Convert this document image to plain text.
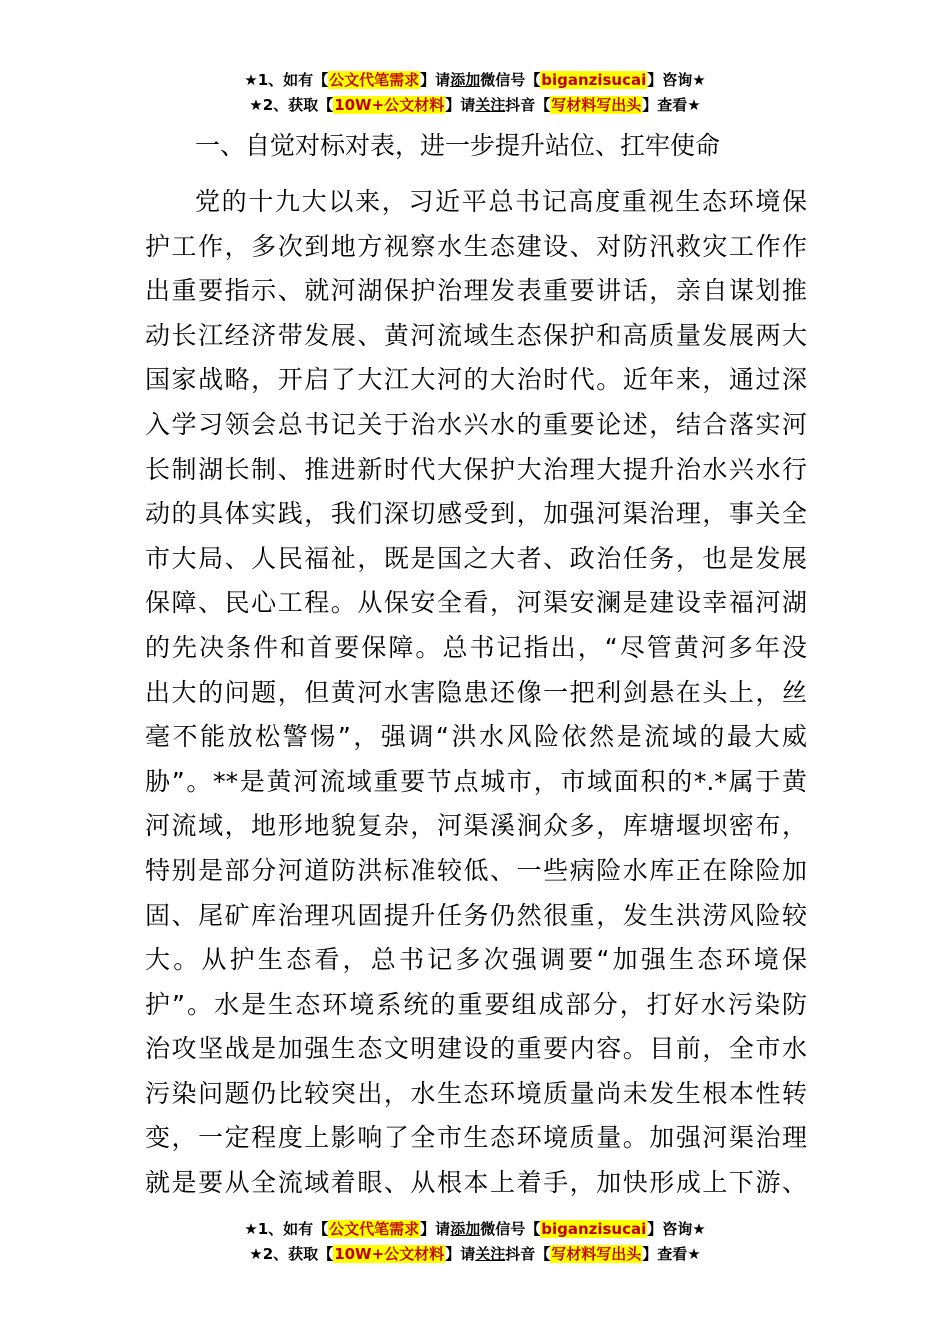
★1、如有【公文代笔需求】请添加微信号【biganzisucai】咨询★
★2、获取【10W+公文材料】请关注抖音【写材料写出头】查看★
一、自觉对标对表，进一步提升站位、扛牢使命
党的十九大以来，习近平总书记高度重视生态环境保
护工作，多次到地方视察水生态建设、对防汛救灾工作作
出重要指示、就河湖保护治理发表重要讲话，亲自谋划推
动长江经济带发展、黄河流域生态保护和高质量发展两大
国家战略，开启了大江大河的大治时代。近年来，通过深
入学习领会总书记关于治水兴水的重要论述，结合落实河
长制湖长制、推进新时代大保护大治理大提升治水兴水行
动的具体实践，我们深切感受到，加强河渠治理，事关全
市大局、人民福祉，既是国之大者、政治任务，也是发展
保障、民心工程。从保安全看，河渠安澜是建设幸福河湖
的先决条件和首要保障。总书记指出，“尽管黄河多年没
出大的问题，但黄河水害隐患还像一把利剑悬在头上，丝
毫不能放松警惕”，强调“洪水风险依然是流域的最大威
胁”。**是黄河流域重要节点城市，市域面积的*.*属于黄
河流域，地形地貌复杂，河渠溪涧众多，库塘堰坝密布，
特别是部分河道防洪标准较低、一些病险水库正在除险加
固、尾矿库治理巩固提升任务仍然很重，发生洪涝风险较
大。从护生态看，总书记多次强调要“加强生态环境保
护”。水是生态环境系统的重要组成部分，打好水污染防
治攻坚战是加强生态文明建设的重要内容。目前，全市水
污染问题仍比较突出，水生态环境质量尚未发生根本性转
变，一定程度上影响了全市生态环境质量。加强河渠治理
就是要从全流域着眼、从根本上着手，加快形成上下游、
★1、如有【公文代笔需求】请添加微信号【biganzisucai】咨询★
★2、获取【10W+公文材料】请关注抖音【写材料写出头】查看★
